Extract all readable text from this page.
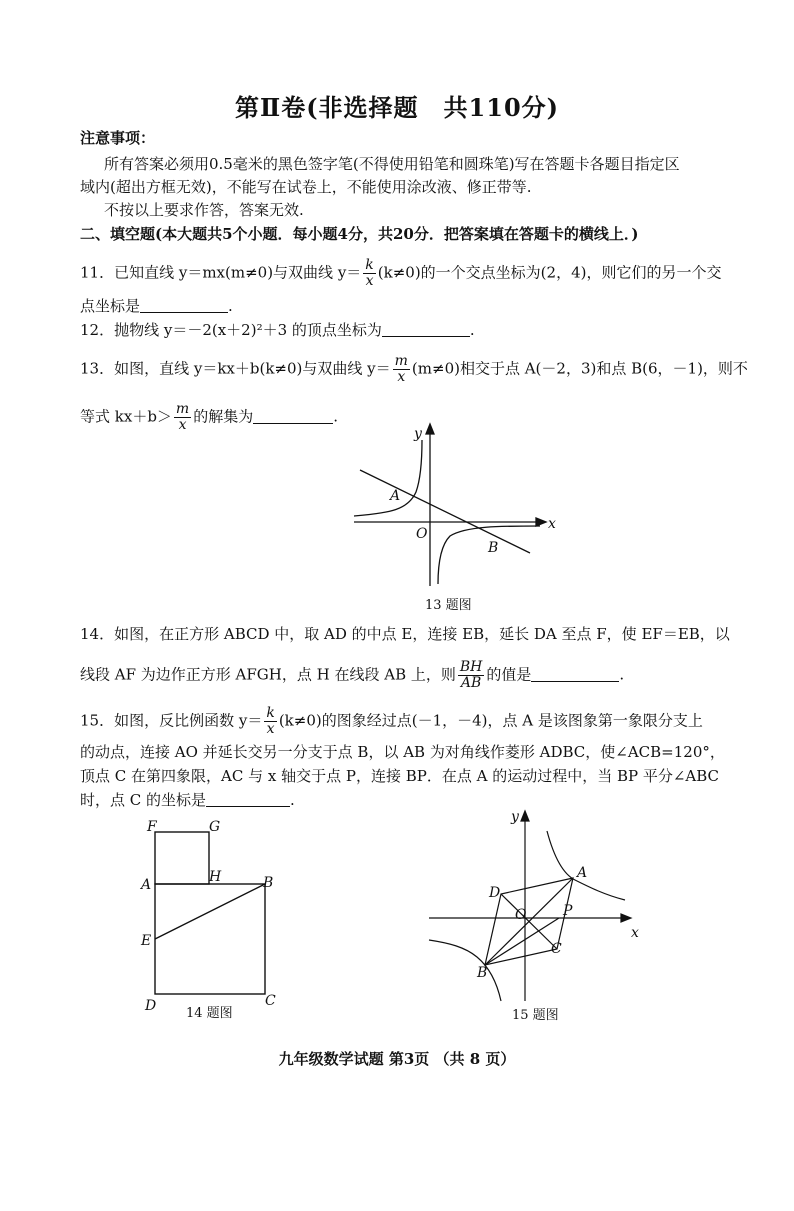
第Ⅱ卷(非选择题　共110分)
注意事项：
所有答案必须用0.5毫米的黑色签字笔(不得使用铅笔和圆珠笔)写在答题卡各题目指定区
域内(超出方框无效)，不能写在试卷上，不能使用涂改液、修正带等.
不按以上要求作答，答案无效.
二、填空题(本大题共5个小题．每小题4分，共20分．把答案填在答题卡的横线上．)
11．已知直线 y＝mx(m≠0)与双曲线 $y= \frac{k}{x} (k\ne 0)$的一个交点坐标为(2，4)，则它们的另一个交
点坐标是	.
12．抛物线 y＝－2(x＋2)²＋3 的顶点坐标为	.
13．如图，直线 y＝kx＋b(k≠0)与双曲线 $y= \frac{m}{x} (m\ne 0)$相交于点 A(－2，3)和点 B(6，－1)，则不
等式 $kx+b> \frac{m}{x}$ 的解集为	.
y
x
O
A
B
13 题图
14．如图，在正方形 ABCD 中，取 AD 的中点 E，连接 EB，延长 DA 至点 F，使 EF＝EB，以
线段 AF 为边作正方形 AFGH，点 H 在线段 AB 上，则 $\frac{BH}{AB}$ 的值是	.
15．如图，反比例函数 $y= \frac{k}{x} (k\ne 0)$的图象经过点(－1，－4)，点 A 是该图象第一象限分支上
的动点，连接 AO 并延长交另一分支于点 B，以 AB 为对角线作菱形 ADBC，使∠ACB=120°，
顶点 C 在第四象限，AC 与 x 轴交于点 P，连接 BP．在点 A 的运动过程中，当 BP 平分∠ABC
时，点 C 的坐标是	.
F	G
A	H	B
E
D	C
14 题图
y
x
O
A
D
P
C
B
15 题图
九年级数学试题 第3页 （共 8 页）
